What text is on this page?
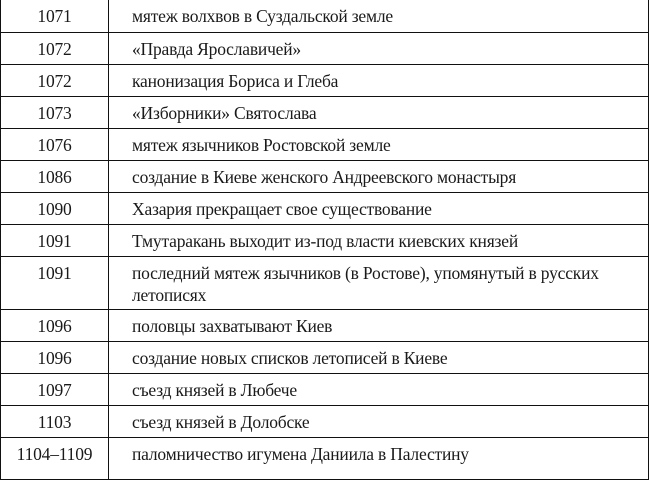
1071	мятеж волхвов в Суздальской земле
1072	«Правда Ярославичей»
1072	канонизация Бориса и Глеба
1073	«Изборники» Святослава
1076	мятеж язычников Ростовской земле
1086	создание в Киеве женского Андреевского монастыря
1090	Хазария прекращает свое существование
1091	Тмутаракань выходит из-под власти киевских князей
1091	последний мятеж язычников (в Ростове), упомянутый в русских летописях
1096	половцы захватывают Киев
1096	создание новых списков летописей в Киеве
1097	съезд князей в Любече
1103	съезд князей в Долобске
1104–1109	паломничество игумена Даниила в Палестину
